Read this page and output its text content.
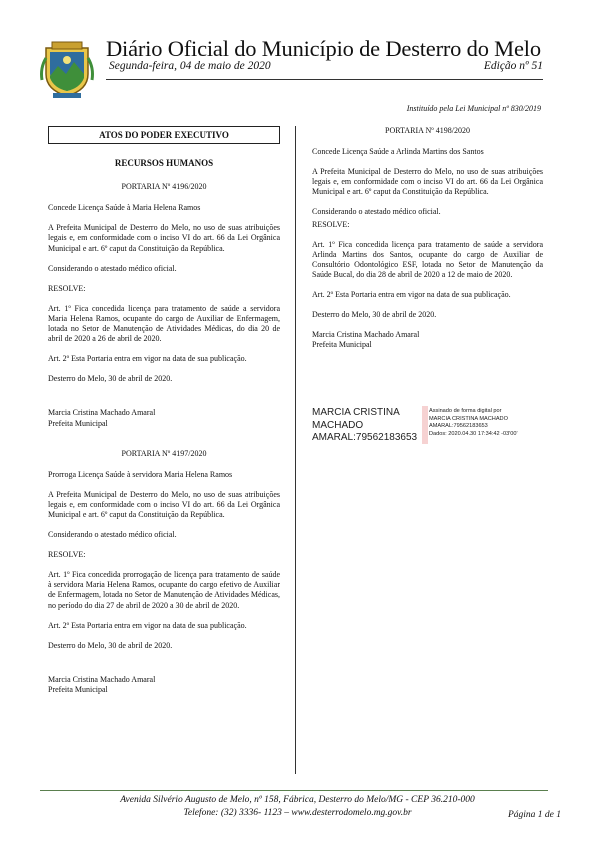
Diário Oficial do Município de Desterro do Melo
Segunda-feira, 04 de maio de 2020	Edição nº 51
Instituído pela Lei Municipal nº 830/2019
ATOS DO PODER EXECUTIVO
RECURSOS HUMANOS
PORTARIA Nº 4196/2020

Concede Licença Saúde à Maria Helena Ramos

A Prefeita Municipal de Desterro do Melo, no uso de suas atribuições legais e, em conformidade com o inciso VI do art. 66 da Lei Orgânica Municipal e art. 6º caput da Constituição da República.

Considerando o atestado médico oficial.

RESOLVE:

Art. 1º Fica concedida licença para tratamento de saúde a servidora Maria Helena Ramos, ocupante do cargo de Auxiliar de Enfermagem, lotada no Setor de Manutenção de Atividades Médicas, do dia 20 de abril de 2020 a 26 de abril de 2020.

Art. 2º Esta Portaria entra em vigor na data de sua publicação.

Desterro do Melo, 30 de abril de 2020.

Marcia Cristina Machado Amaral

Prefeita Municipal

PORTARIA Nº 4197/2020

Prorroga Licença Saúde à servidora Maria Helena Ramos

A Prefeita Municipal de Desterro do Melo, no uso de suas atribuições legais e, em conformidade com o inciso VI do art. 66 da Lei Orgânica Municipal e art. 6º caput da Constituição da República.

Considerando o atestado médico oficial.

RESOLVE:

Art. 1º Fica concedida prorrogação de licença para tratamento de saúde à servidora Maria Helena Ramos, ocupante do cargo efetivo de Auxiliar de Enfermagem, lotada no Setor de Manutenção de Atividades Médicas, no período do dia 27 de abril de 2020 a 30 de abril de 2020.

Art. 2º Esta Portaria entra em vigor na data de sua publicação.

Desterro do Melo, 30 de abril de 2020.

Marcia Cristina Machado Amaral

Prefeita Municipal

PORTARIA Nº 4198/2020

Concede Licença Saúde a Arlinda Martins dos Santos

A Prefeita Municipal de Desterro do Melo, no uso de suas atribuições legais e, em conformidade com o inciso VI do art. 66 da Lei Orgânica Municipal e art. 6º caput da Constituição da República.

Considerando o atestado médico oficial.

RESOLVE:

Art. 1º Fica concedida licença para tratamento de saúde a servidora Arlinda Martins dos Santos, ocupante do cargo de Auxiliar de Consultório Odontológico ESF, lotada no Setor de Manutenção da Saúde Bucal, do dia 28 de abril de 2020 a 12 de maio de 2020.

Art. 2º Esta Portaria entra em vigor na data de sua publicação.

Desterro do Melo, 30 de abril de 2020.

Marcia Cristina Machado Amaral

Prefeita Municipal

MARCIA CRISTINA
MACHADO
AMARAL:79562183653
Assinado de forma digital por
MARCIA CRISTINA MACHADO
AMARAL:79562183653
Dados: 2020.04.30 17:34:42 -03'00'
Avenida Silvério Augusto de Melo, nº 158, Fábrica, Desterro do Melo/MG - CEP 36.210-000
Telefone: (32) 3336- 1123 – www.desterrodomelo.mg.gov.br	Página 1 de 1
